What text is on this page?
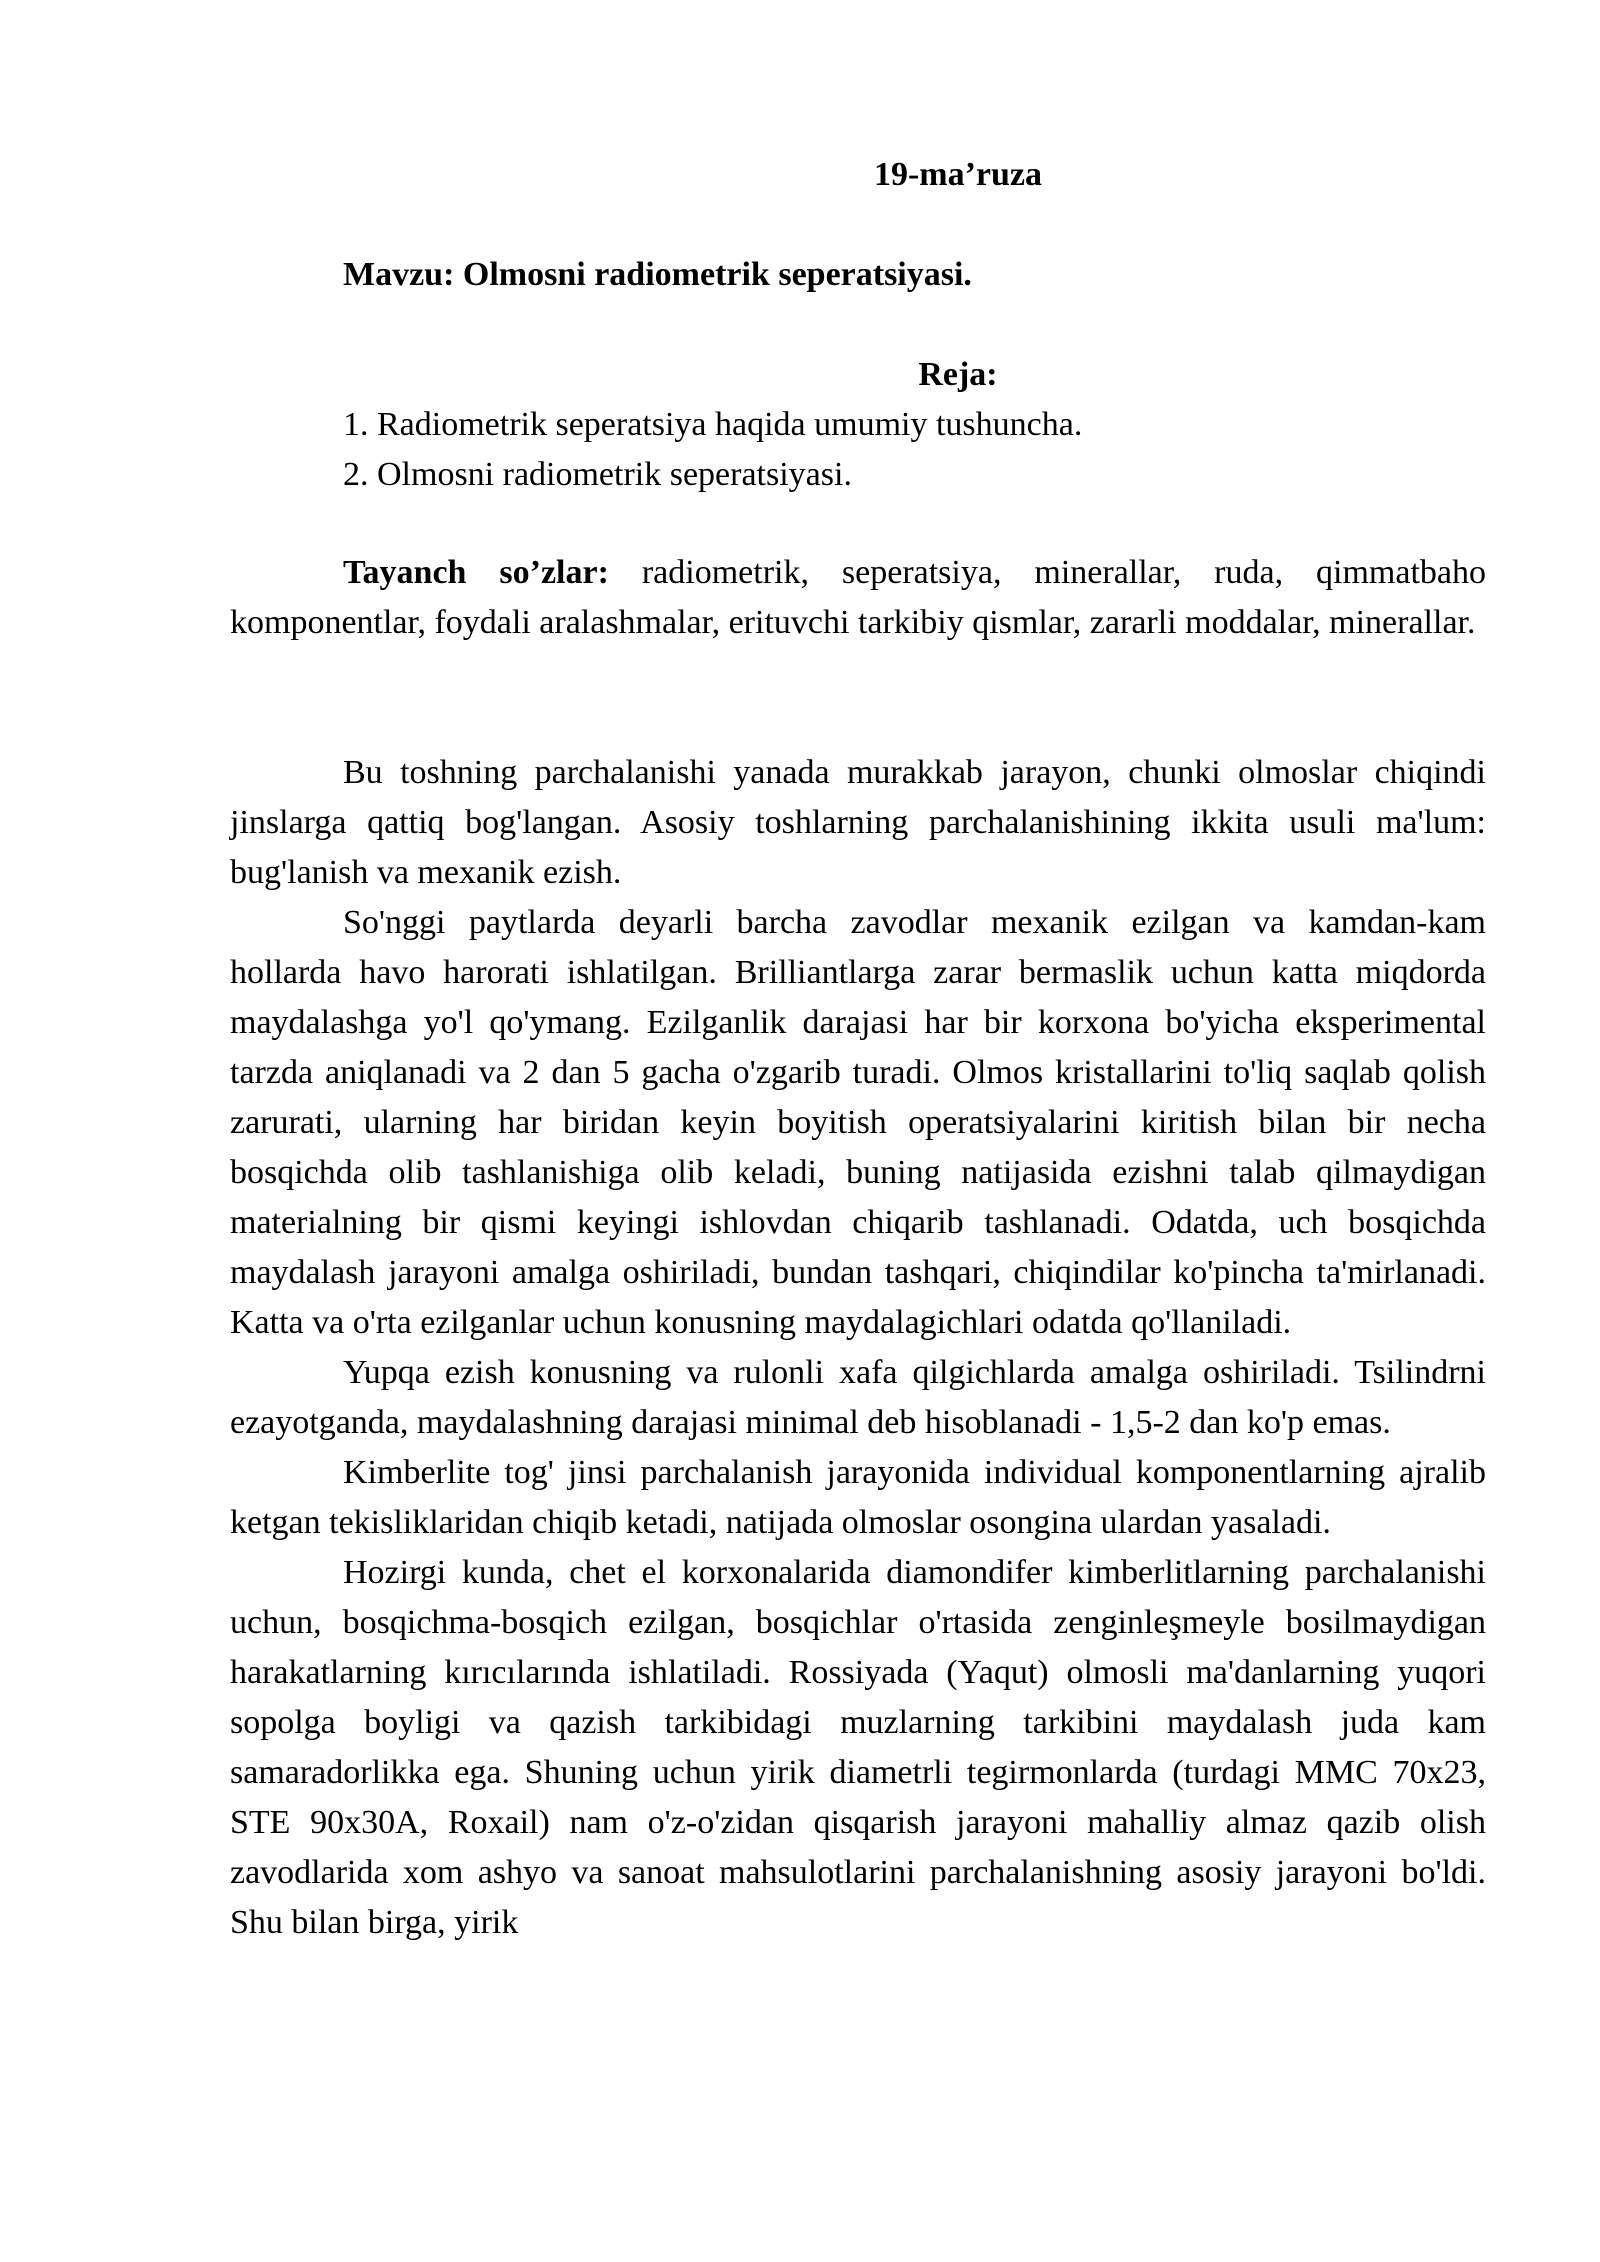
19-ma’ruza
Mavzu: Olmosni radiometrik seperatsiyasi.
Reja:
1. Radiometrik seperatsiya haqida umumiy tushuncha.
2. Olmosni radiometrik seperatsiyasi.

Tayanch so’zlar: radiometrik, seperatsiya, minerallar, ruda, qimmatbaho komponentlar, foydali aralashmalar, erituvchi tarkibiy qismlar, zararli moddalar, minerallar.

Bu toshning parchalanishi yanada murakkab jarayon, chunki olmoslar chiqindi jinslarga qattiq bog'langan. Asosiy toshlarning parchalanishining ikkita usuli ma'lum: bug'lanish va mexanik ezish.

So'nggi paytlarda deyarli barcha zavodlar mexanik ezilgan va kamdan-kam hollarda havo harorati ishlatilgan. Brilliantlarga zarar bermaslik uchun katta miqdorda maydalashga yo'l qo'ymang. Ezilganlik darajasi har bir korxona bo'yicha eksperimental tarzda aniqlanadi va 2 dan 5 gacha o'zgarib turadi. Olmos kristallarini to'liq saqlab qolish zarurati, ularning har biridan keyin boyitish operatsiyalarini kiritish bilan bir necha bosqichda olib tashlanishiga olib keladi, buning natijasida ezishni talab qilmaydigan materialning bir qismi keyingi ishlovdan chiqarib tashlanadi. Odatda, uch bosqichda maydalash jarayoni amalga oshiriladi, bundan tashqari, chiqindilar ko'pincha ta'mirlanadi. Katta va o'rta ezilganlar uchun konusning maydalagichlari odatda qo'llaniladi.

Yupqa ezish konusning va rulonli xafa qilgichlarda amalga oshiriladi. Tsilindrni ezayotganda, maydalashning darajasi minimal deb hisoblanadi - 1,5-2 dan ko'p emas.

Kimberlite tog' jinsi parchalanish jarayonida individual komponentlarning ajralib ketgan tekisliklaridan chiqib ketadi, natijada olmoslar osongina ulardan yasaladi.

Hozirgi kunda, chet el korxonalarida diamondifer kimberlitlarning parchalanishi uchun, bosqichma-bosqich ezilgan, bosqichlar o'rtasida zenginleşmeyle bosilmaydigan harakatlarning kırıcılarında ishlatiladi. Rossiyada (Yaqut) olmosli ma'danlarning yuqori sopolga boyligi va qazish tarkibidagi muzlarning tarkibini maydalash juda kam samaradorlikka ega. Shuning uchun yirik diametrli tegirmonlarda (turdagi MMC 70x23, STE 90x30A, Roxail) nam o'z-o'zidan qisqarish jarayoni mahalliy almaz qazib olish zavodlarida xom ashyo va sanoat mahsulotlarini parchalanishning asosiy jarayoni bo'ldi. Shu bilan birga, yirik
